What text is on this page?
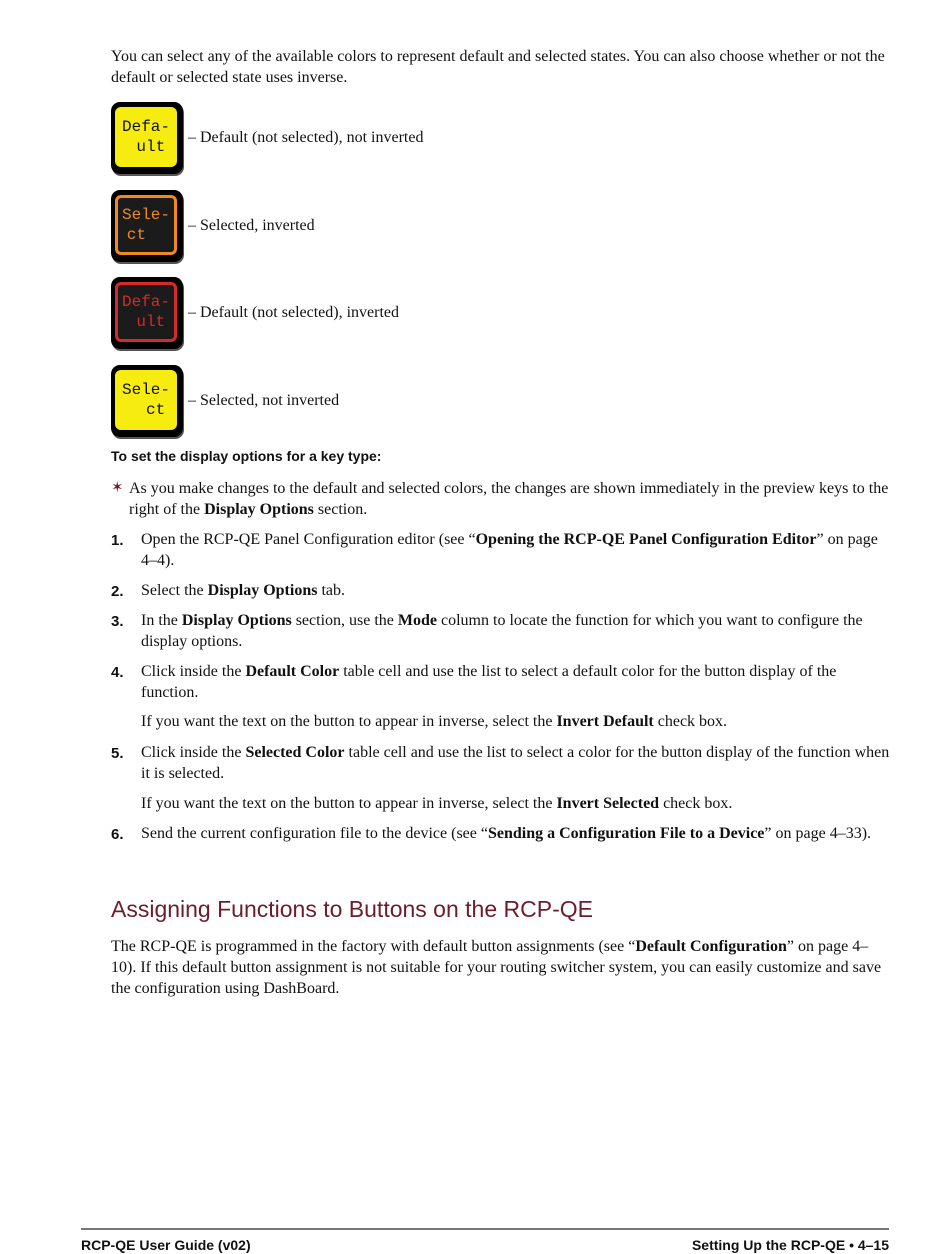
You can select any of the available colors to represent default and selected states. You can also choose whether or not the default or selected state uses inverse.

Defa-
ult
– Default (not selected), not inverted
Sele-
ct
– Selected, inverted
Defa-
ult
– Default (not selected), inverted
Sele-
ct
– Selected, not inverted
To set the display options for a key type:
✶ As you make changes to the default and selected colors, the changes are shown immediately in the preview keys to the right of the Display Options section.
1. Open the RCP-QE Panel Configuration editor (see “Opening the RCP-QE Panel Configuration Editor” on page 4–4).
2. Select the Display Options tab.
3. In the Display Options section, use the Mode column to locate the function for which you want to configure the display options.
4. Click inside the Default Color table cell and use the list to select a default color for the button display of the function.
If you want the text on the button to appear in inverse, select the Invert Default check box.
5. Click inside the Selected Color table cell and use the list to select a color for the button display of the function when it is selected.
If you want the text on the button to appear in inverse, select the Invert Selected check box.
6. Send the current configuration file to the device (see “Sending a Configuration File to a Device” on page 4–33).
Assigning Functions to Buttons on the RCP-QE

The RCP-QE is programmed in the factory with default button assignments (see “Default Configuration” on page 4–10). If this default button assignment is not suitable for your routing switcher system, you can easily customize and save the configuration using DashBoard.

RCP-QE User Guide (v02)	Setting Up the RCP-QE • 4–15
